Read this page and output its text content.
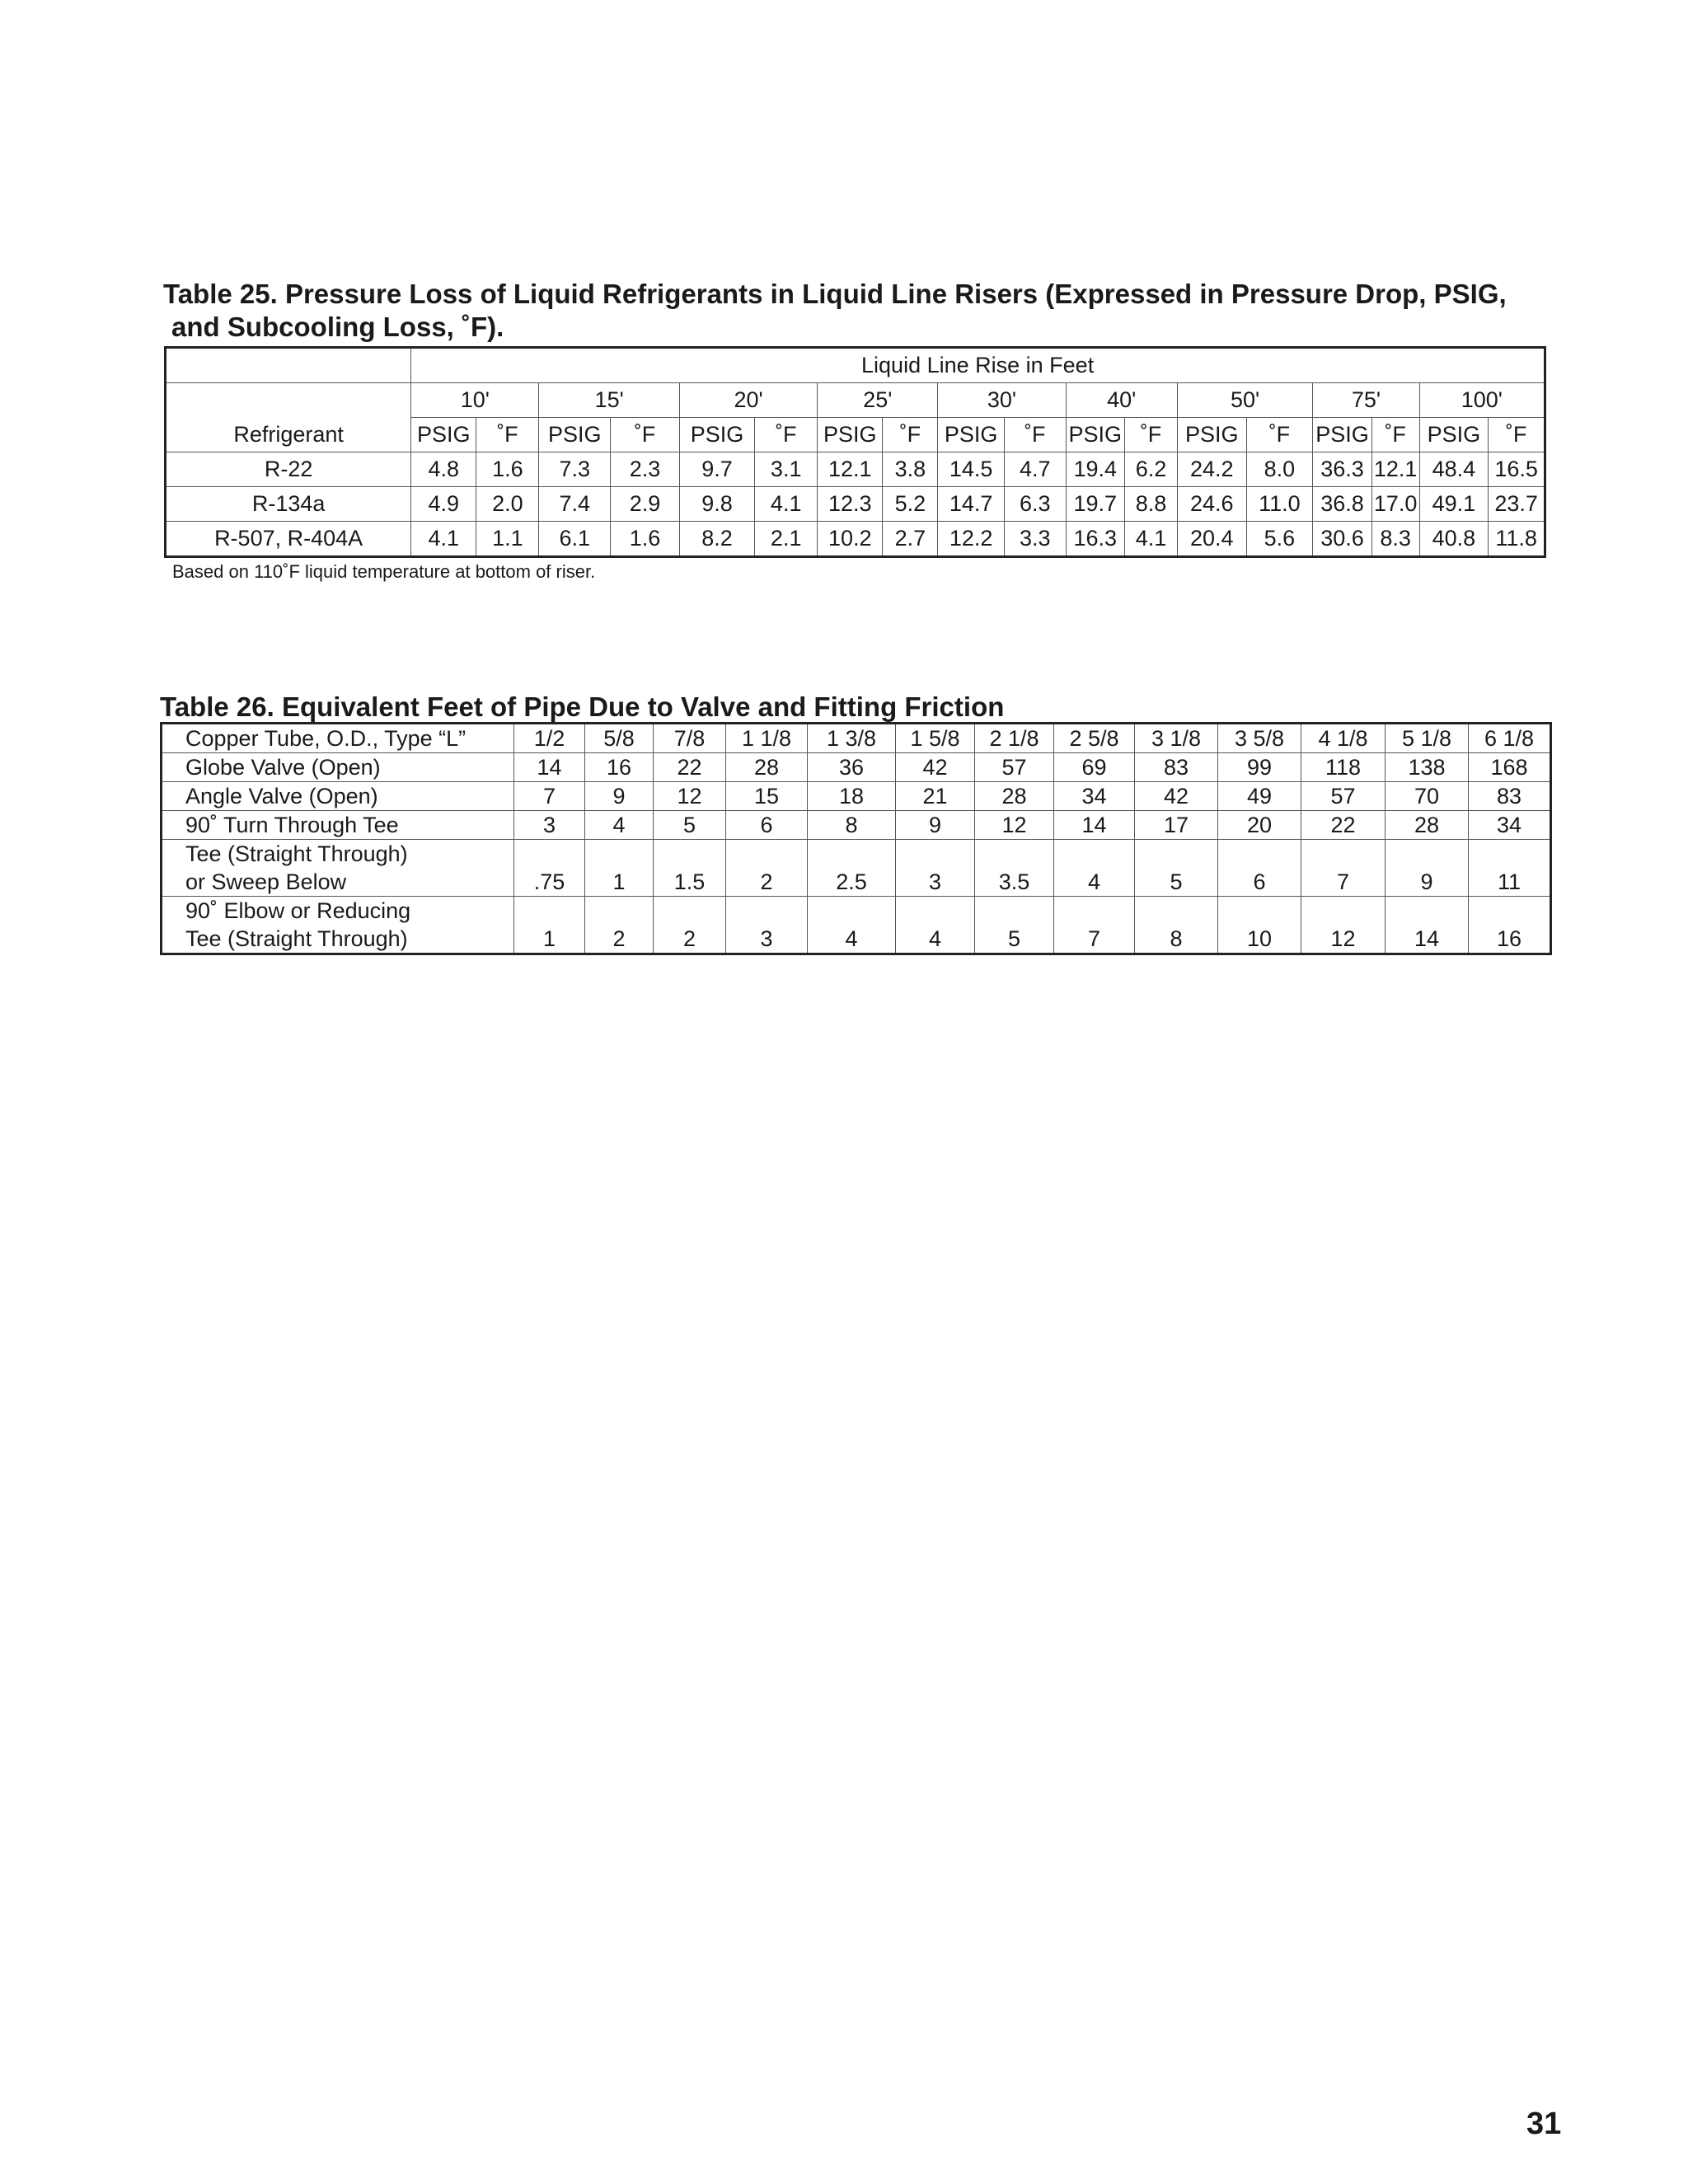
Table 25. Pressure Loss of Liquid Refrigerants in Liquid Line Risers (Expressed in Pressure Drop, PSIG,
and Subcooling Loss, ˚F).
	Liquid Line Rise in Feet																	
	10'		15'		20'		25'		30'		40'		50'		75'		100'	
Refrigerant	PSIG	˚F	PSIG	˚F	PSIG	˚F	PSIG	˚F	PSIG	˚F	PSIG	˚F	PSIG	˚F	PSIG	˚F	PSIG	˚F
R-22	4.8	1.6	7.3	2.3	9.7	3.1	12.1	3.8	14.5	4.7	19.4	6.2	24.2	8.0	36.3	12.1	48.4	16.5
R-134a	4.9	2.0	7.4	2.9	9.8	4.1	12.3	5.2	14.7	6.3	19.7	8.8	24.6	11.0	36.8	17.0	49.1	23.7
R-507, R-404A	4.1	1.1	6.1	1.6	8.2	2.1	10.2	2.7	12.2	3.3	16.3	4.1	20.4	5.6	30.6	8.3	40.8	11.8

Based on 110˚F liquid temperature at bottom of riser.

Table 26. Equivalent Feet of Pipe Due to Valve and Fitting Friction
Copper Tube, O.D., Type “L”	1/2	5/8	7/8	1 1/8	1 3/8	1 5/8	2 1/8	2 5/8	3 1/8	3 5/8	4 1/8	5 1/8	6 1/8

Globe Valve (Open)	14	16	22	28	36	42	57	69	83	99	118	138	168

Angle Valve (Open)	7	9	12	15	18	21	28	34	42	49	57	70	83

90˚ Turn Through Tee	3	4	5	6	8	9	12	14	17	20	22	28	34

Tee (Straight Through)
or Sweep Below	.75	1	1.5	2	2.5	3	3.5	4	5	6	7	9	11

90˚ Elbow or Reducing
Tee (Straight Through)	1	2	2	3	4	4	5	7	8	10	12	14	16

31
